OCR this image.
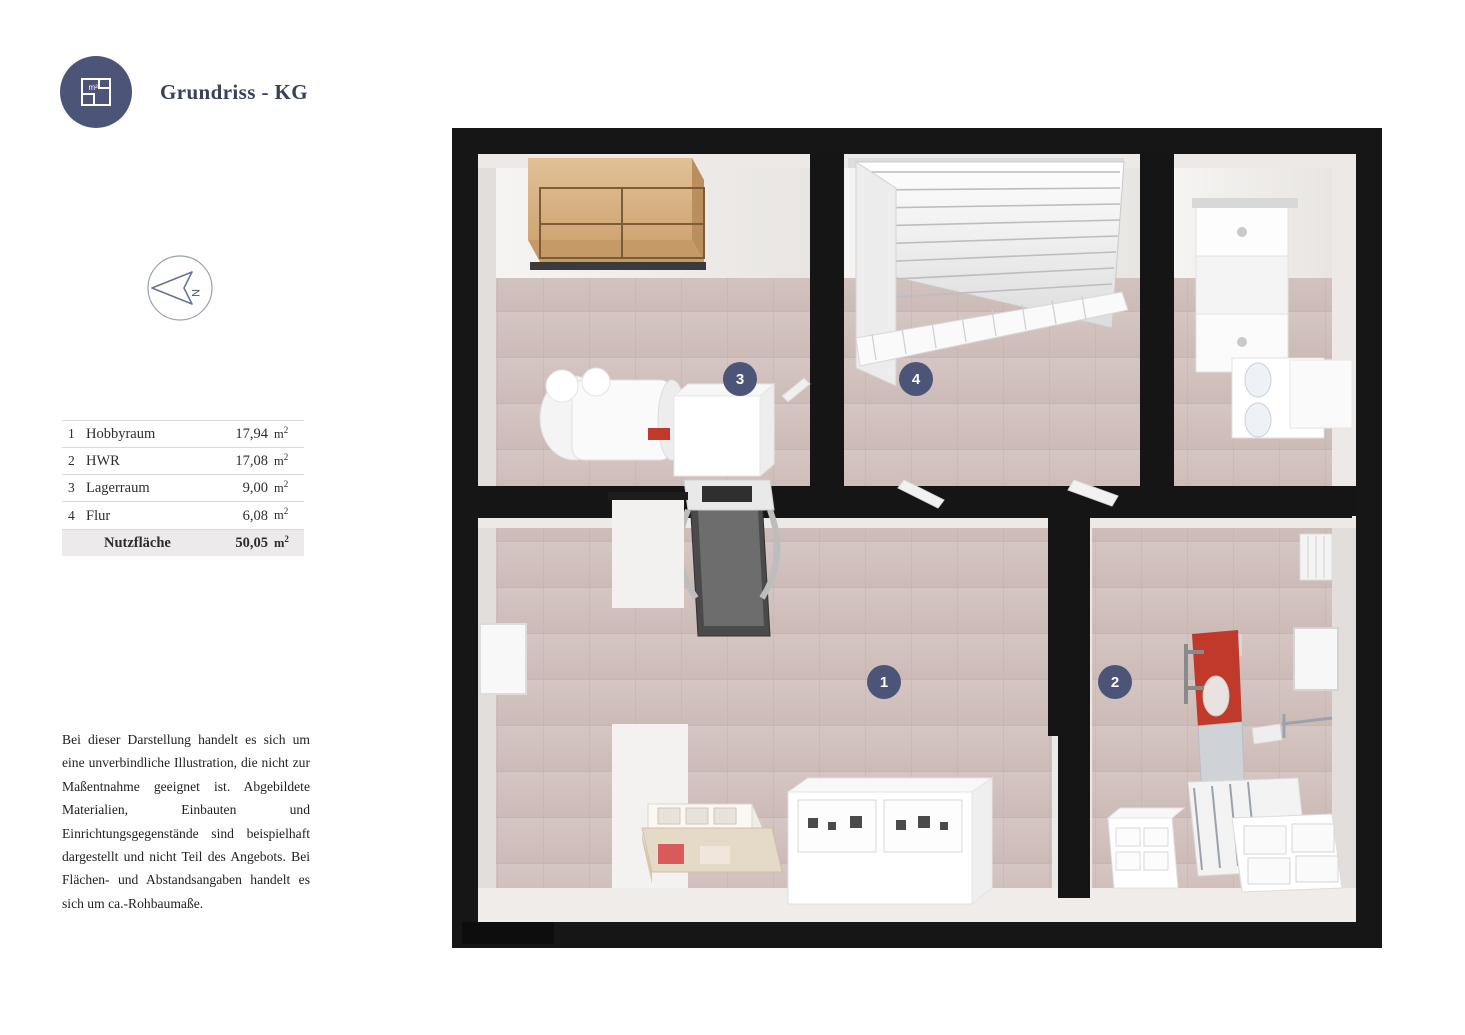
m²	Grundriss - KG
N
1 Hobbyraum	17,94 $m^2$
2 HWR	17,08 $m^2$
3 Lagerraum	9,00 $m^2$
4 Flur	6,08 $m^2$
Nutzfläche	50,05 $m^2$
Bei dieser Darstellung handelt es sich um eine unverbindliche Illustration, die nicht zur Maßentnahme geeignet ist. Abgebildete Materialien, Einbauten und Einrichtungsgegenstände sind beispielhaft dargestellt und nicht Teil des Angebots. Bei Flächen- und Abstandsangaben handelt es sich um ca.-Rohbaumaße.
3	4
1	2
